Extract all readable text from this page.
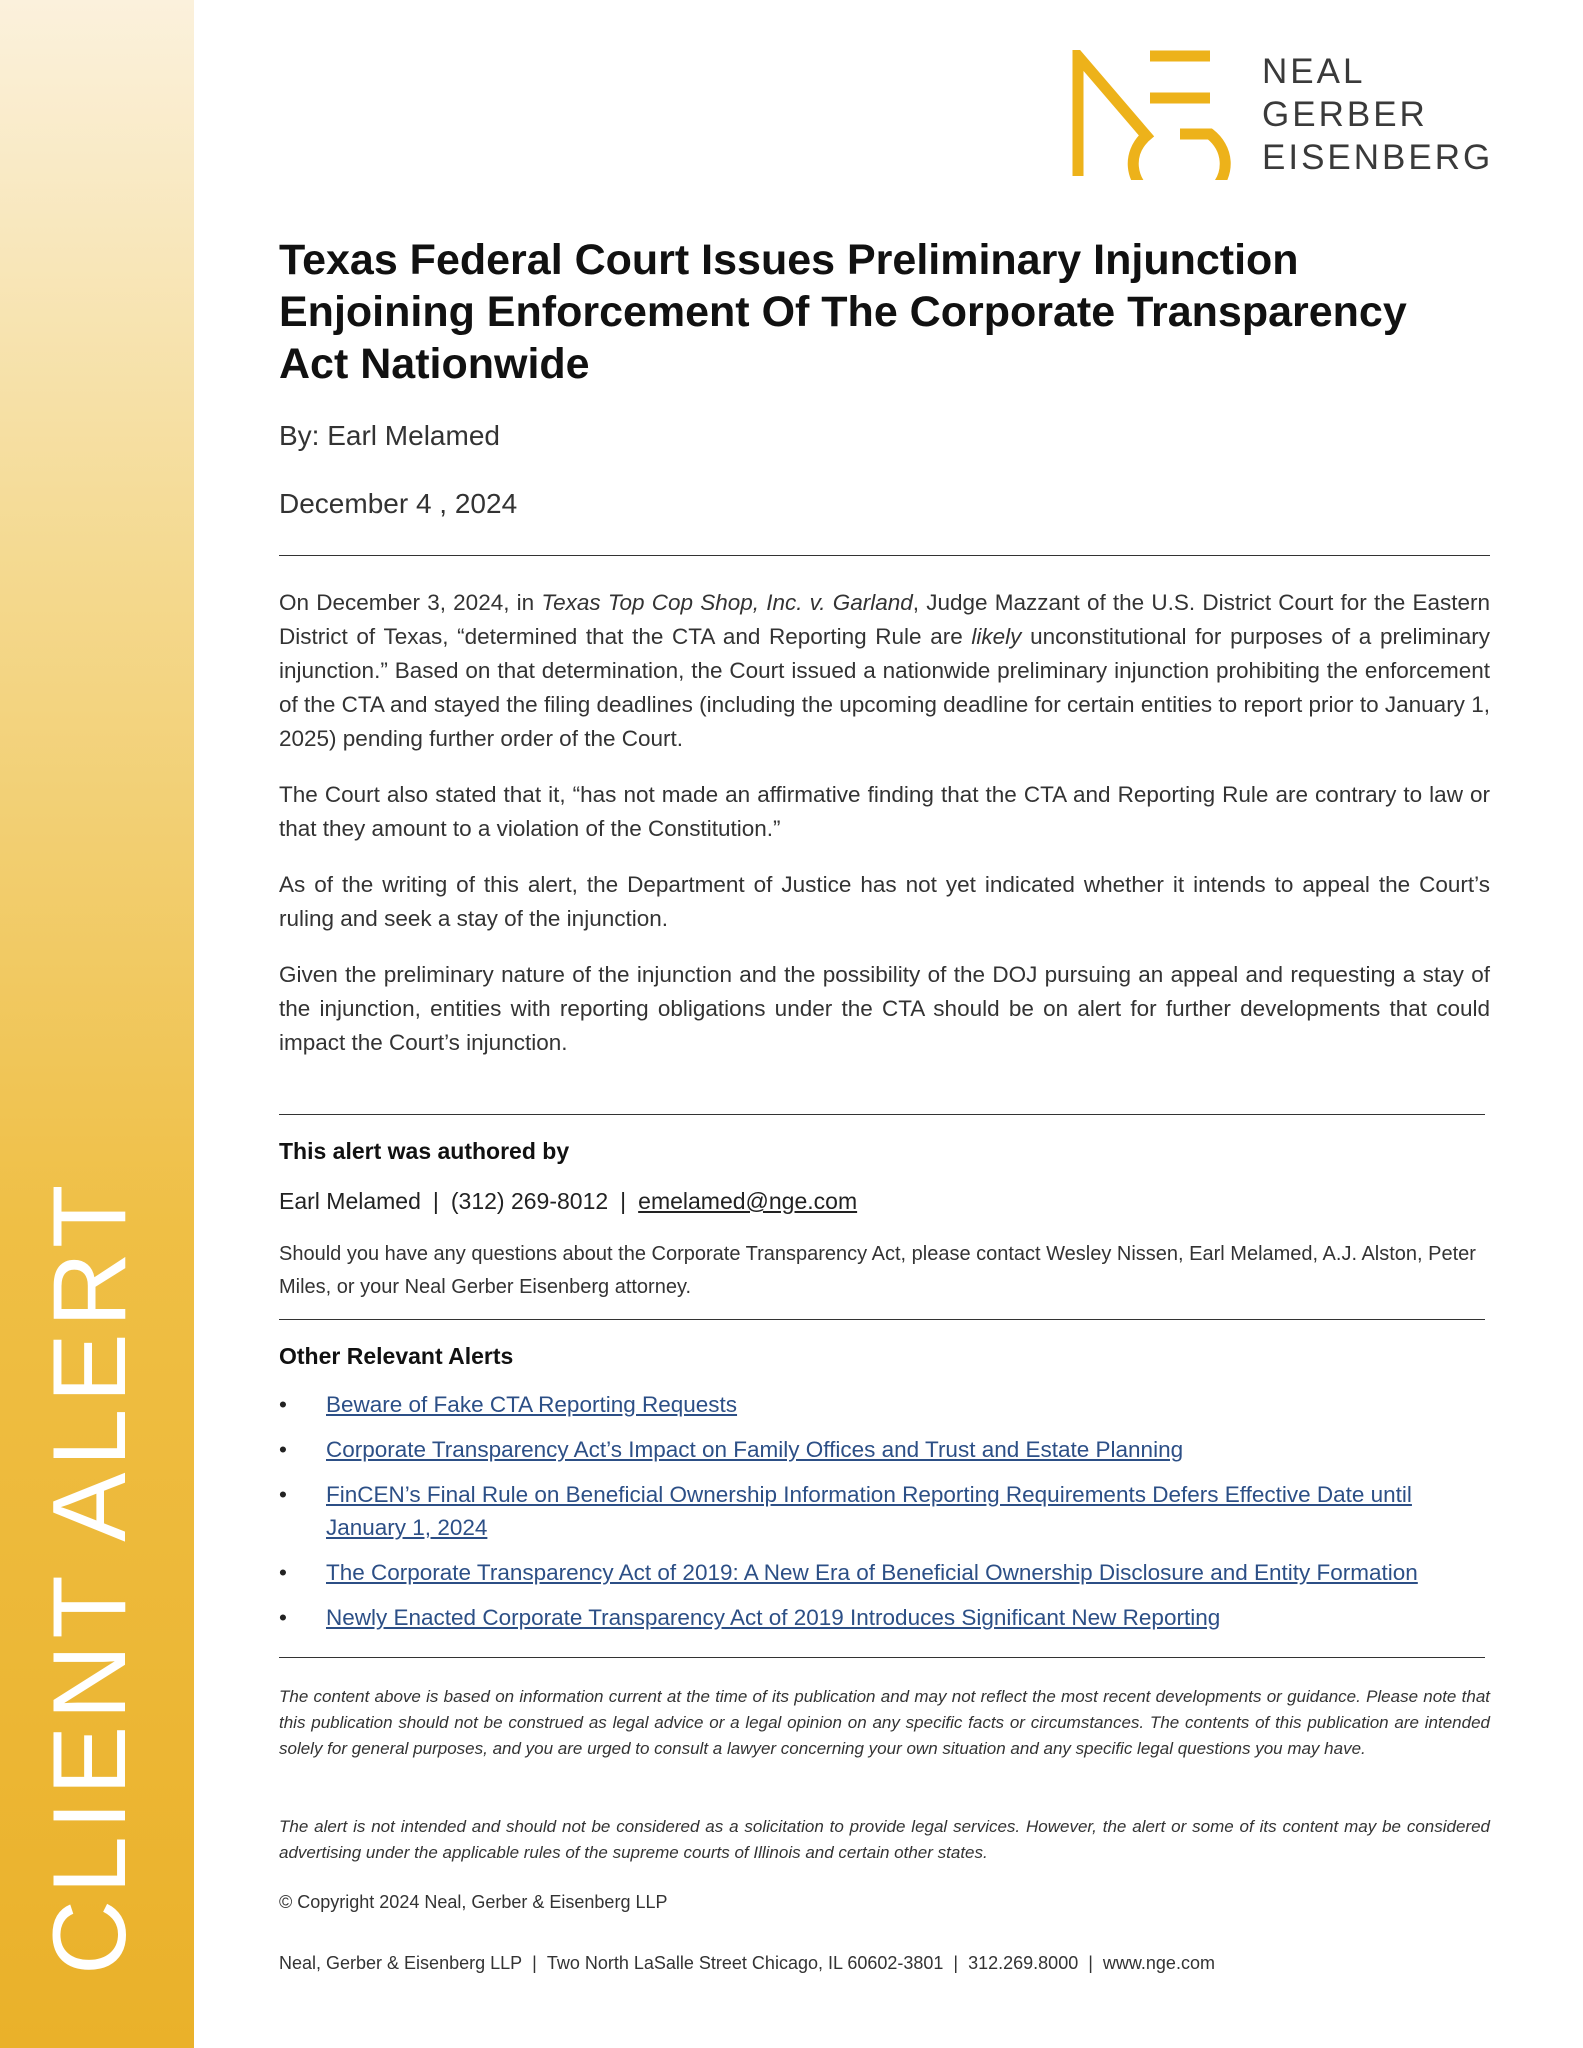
CLIENT ALERT
NEAL
GERBER
EISENBERG
Texas Federal Court Issues Preliminary Injunction Enjoining Enforcement Of The Corporate Transparency Act Nationwide
By: Earl Melamed
December 4 , 2024

On December 3, 2024, in Texas Top Cop Shop, Inc. v. Garland, Judge Mazzant of the U.S. District Court for the Eastern District of Texas, “determined that the CTA and Reporting Rule are likely unconstitutional for purposes of a preliminary injunction.” Based on that determination, the Court issued a nationwide preliminary injunction prohibiting the enforcement of the CTA and stayed the filing deadlines (including the upcoming deadline for certain entities to report prior to January 1, 2025) pending further order of the Court.

The Court also stated that it, “has not made an affirmative finding that the CTA and Reporting Rule are contrary to law or that they amount to a violation of the Constitution.”

As of the writing of this alert, the Department of Justice has not yet indicated whether it intends to appeal the Court’s ruling and seek a stay of the injunction.

Given the preliminary nature of the injunction and the possibility of the DOJ pursuing an appeal and requesting a stay of the injunction, entities with reporting obligations under the CTA should be on alert for further developments that could impact the Court’s injunction.

This alert was authored by
Earl Melamed | (312) 269-8012 | emelamed@nge.com
Should you have any questions about the Corporate Transparency Act, please contact Wesley Nissen, Earl Melamed, A.J. Alston, Peter Miles, or your Neal Gerber Eisenberg attorney.
Other Relevant Alerts
• Beware of Fake CTA Reporting Requests
• Corporate Transparency Act’s Impact on Family Offices and Trust and Estate Planning
• FinCEN’s Final Rule on Beneficial Ownership Information Reporting Requirements Defers Effective Date until January 1, 2024
• The Corporate Transparency Act of 2019: A New Era of Beneficial Ownership Disclosure and Entity Formation
• Newly Enacted Corporate Transparency Act of 2019 Introduces Significant New Reporting
The content above is based on information current at the time of its publication and may not reflect the most recent developments or guidance. Please note that this publication should not be construed as legal advice or a legal opinion on any specific facts or circumstances. The contents of this publication are intended solely for general purposes, and you are urged to consult a lawyer concerning your own situation and any specific legal questions you may have.
The alert is not intended and should not be considered as a solicitation to provide legal services. However, the alert or some of its content may be considered advertising under the applicable rules of the supreme courts of Illinois and certain other states.
© Copyright 2024 Neal, Gerber & Eisenberg LLP
Neal, Gerber & Eisenberg LLP | Two North LaSalle Street Chicago, IL 60602-3801 | 312.269.8000 | www.nge.com
